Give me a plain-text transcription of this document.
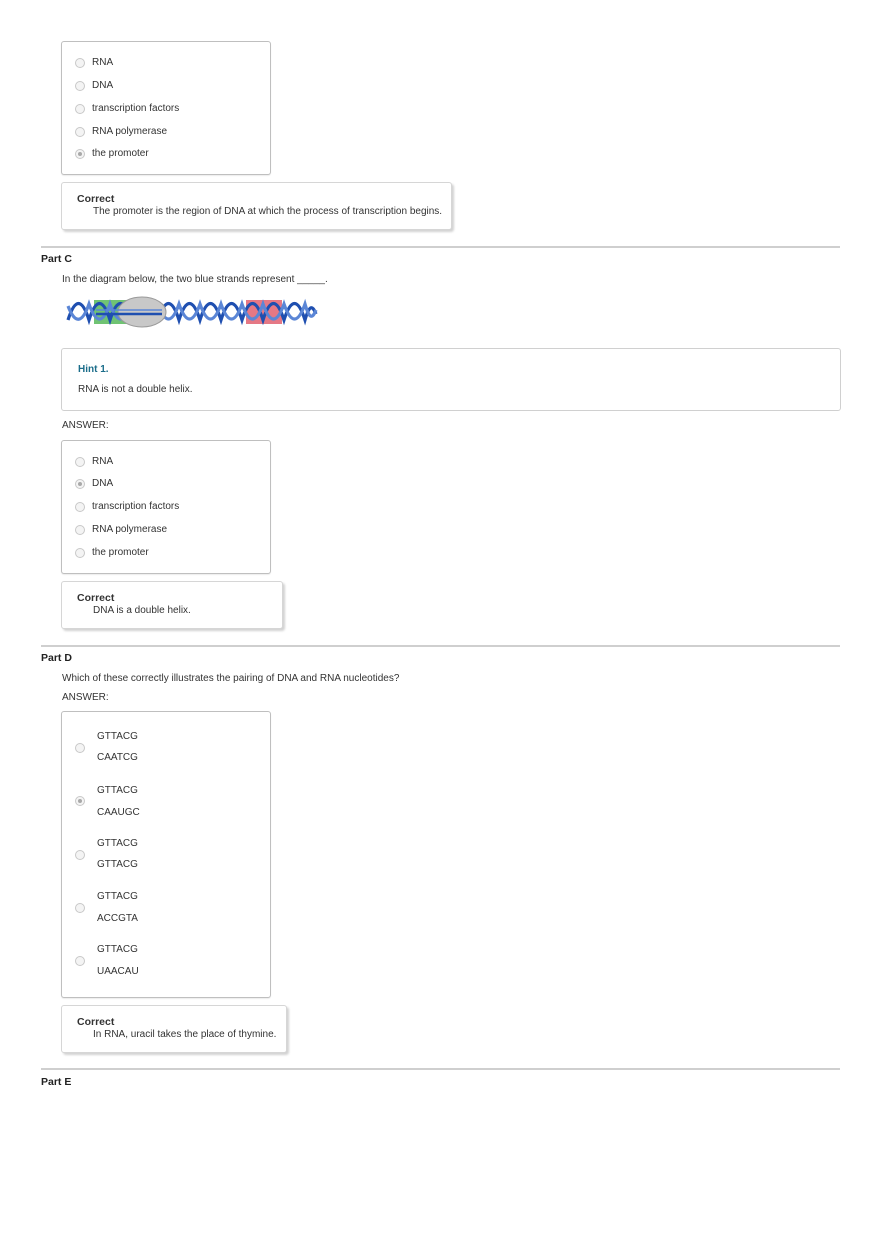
RNA
DNA
transcription factors
RNA polymerase
the promoter
Correct
The promoter is the region of DNA at which the process of transcription begins.
Part C
In the diagram below, the two blue strands represent _____.
Hint 1.
RNA is not a double helix.
ANSWER:
RNA
DNA
transcription factors
RNA polymerase
the promoter
Correct
DNA is a double helix.
Part D
Which of these correctly illustrates the pairing of DNA and RNA nucleotides?
ANSWER:
GTTACG
CAATCG
GTTACG
CAAUGC
GTTACG
GTTACG
GTTACG
ACCGTA
GTTACG
UAACAU
Correct
In RNA, uracil takes the place of thymine.
Part E
